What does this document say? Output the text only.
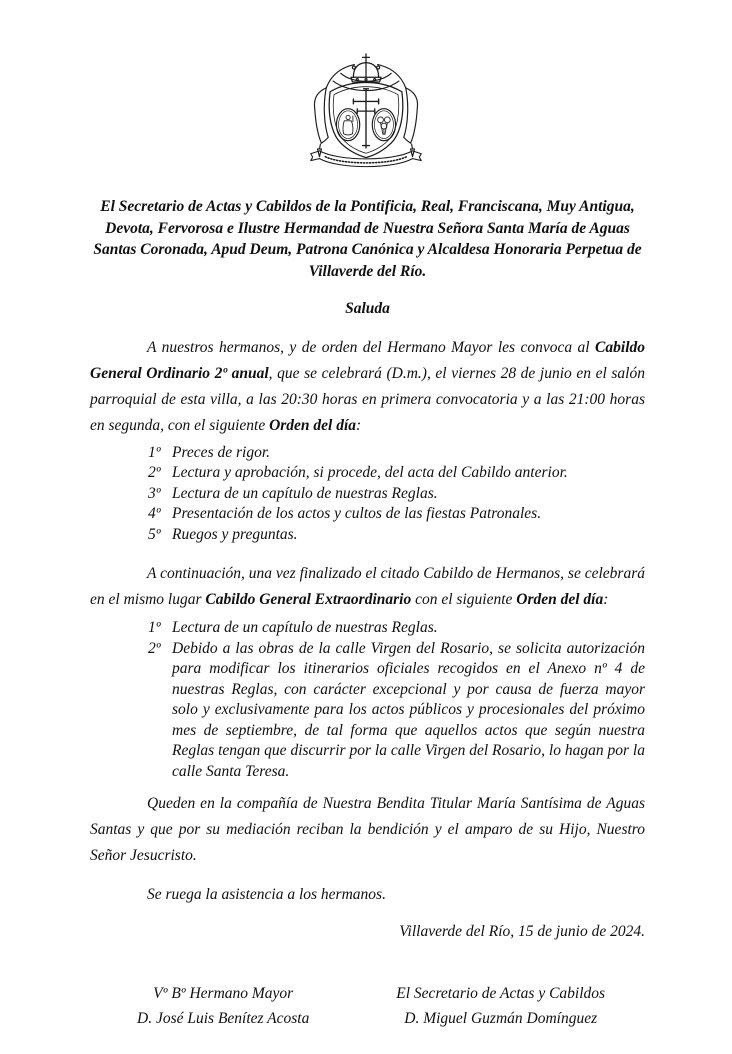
El Secretario de Actas y Cabildos de la Pontificia, Real, Franciscana, Muy Antigua, Devota, Fervorosa e Ilustre Hermandad de Nuestra Señora Santa María de Aguas Santas Coronada, Apud Deum, Patrona Canónica y Alcaldesa Honoraria Perpetua de Villaverde del Río.

Saluda

A nuestros hermanos, y de orden del Hermano Mayor les convoca al Cabildo General Ordinario 2º anual, que se celebrará (D.m.), el viernes 28 de junio en el salón parroquial de esta villa, a las 20:30 horas en primera convocatoria y a las 21:00 horas en segunda, con el siguiente Orden del día:

1º Preces de rigor.
2º Lectura y aprobación, si procede, del acta del Cabildo anterior.
3º Lectura de un capítulo de nuestras Reglas.
4º Presentación de los actos y cultos de las fiestas Patronales.
5º Ruegos y preguntas.

A continuación, una vez finalizado el citado Cabildo de Hermanos, se celebrará en el mismo lugar Cabildo General Extraordinario con el siguiente Orden del día:

1º Lectura de un capítulo de nuestras Reglas.
2º Debido a las obras de la calle Virgen del Rosario, se solicita autorización para modificar los itinerarios oficiales recogidos en el Anexo nº 4 de nuestras Reglas, con carácter excepcional y por causa de fuerza mayor solo y exclusivamente para los actos públicos y procesionales del próximo mes de septiembre, de tal forma que aquellos actos que según nuestra Reglas tengan que discurrir por la calle Virgen del Rosario, lo hagan por la calle Santa Teresa.

Queden en la compañía de Nuestra Bendita Titular María Santísima de Aguas Santas y que por su mediación reciban la bendición y el amparo de su Hijo, Nuestro Señor Jesucristo.

Se ruega la asistencia a los hermanos.

Villaverde del Río, 15 de junio de 2024.

Vº Bº Hermano Mayor
D. José Luis Benítez Acosta
El Secretario de Actas y Cabildos
D. Miguel Guzmán Domínguez
